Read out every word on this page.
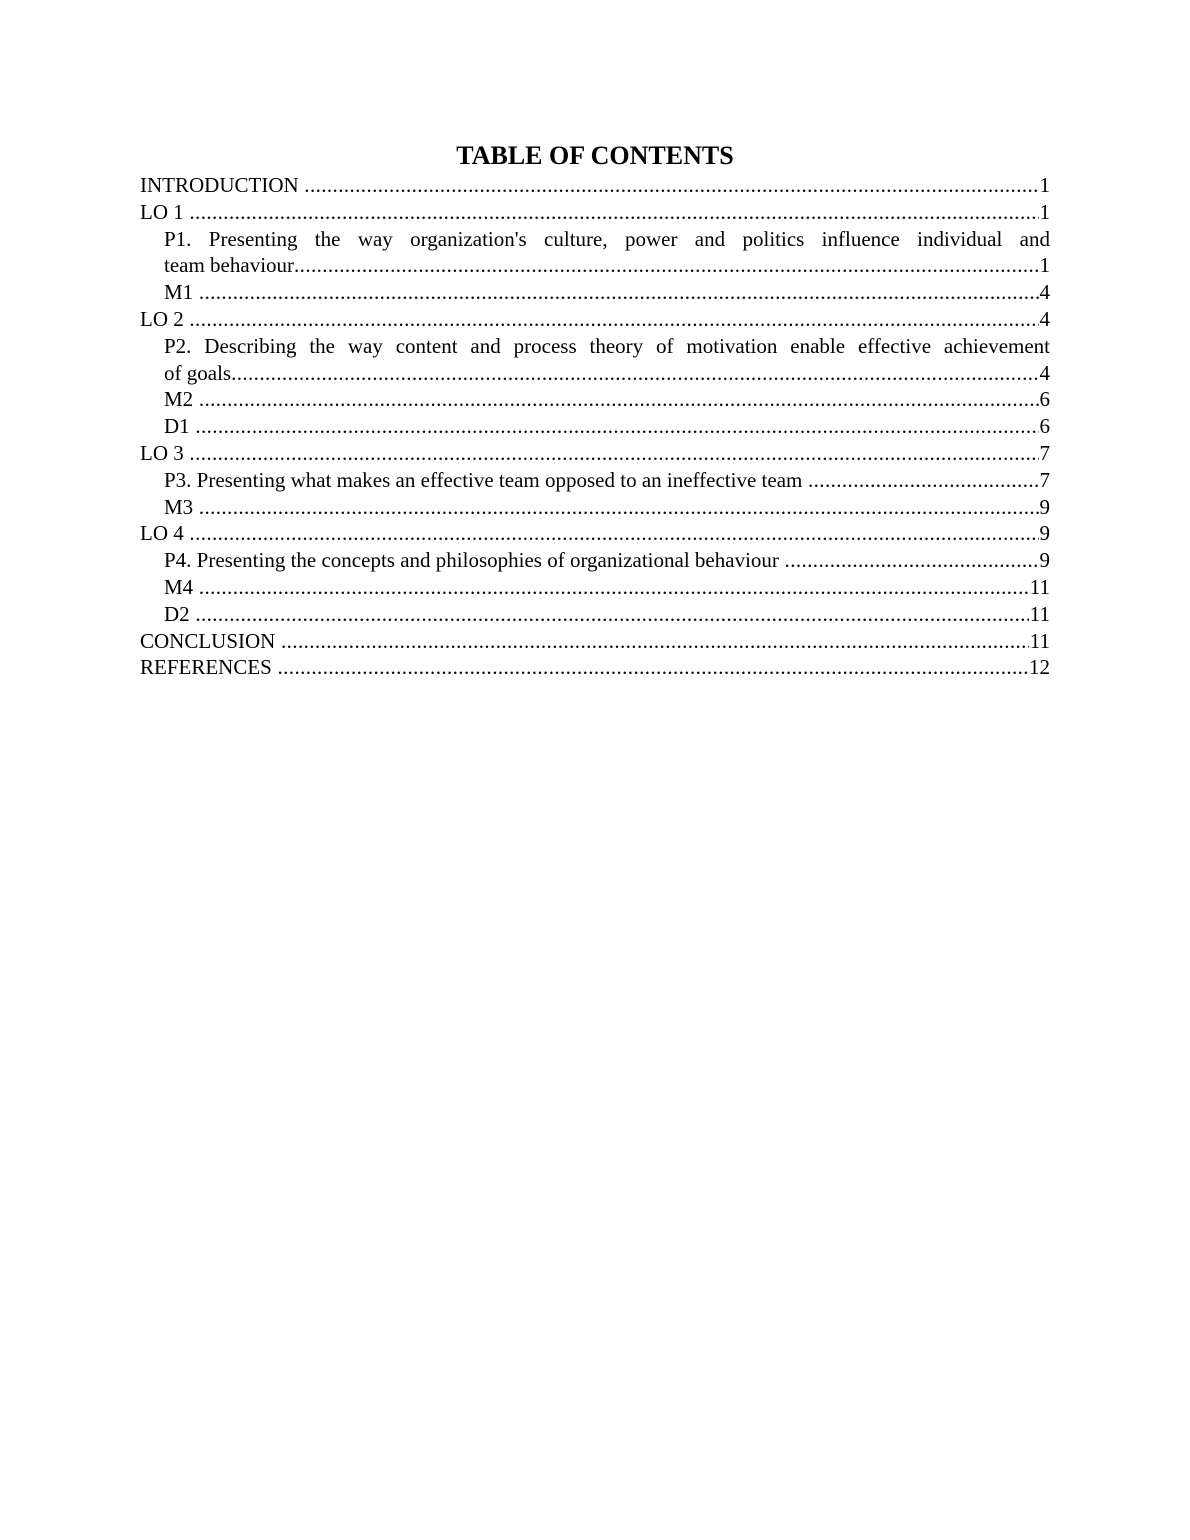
TABLE OF CONTENTS
INTRODUCTION .....	1
LO 1 .....	1
P1. Presenting the way organization's culture, power and politics influence individual and
team behaviour .....	1
M1 .....	4
LO 2 .....	4
P2. Describing the way content and process theory of motivation enable effective achievement
of goals .....	4
M2 .....	6
D1 .....	6
LO 3 .....	7
P3. Presenting what makes an effective team opposed to an ineffective team .....	7
M3 .....	9
LO 4 .....	9
P4. Presenting the concepts and philosophies of organizational behaviour .....	9
M4 .....	11
D2 .....	11
CONCLUSION .....	11
REFERENCES .....	12
